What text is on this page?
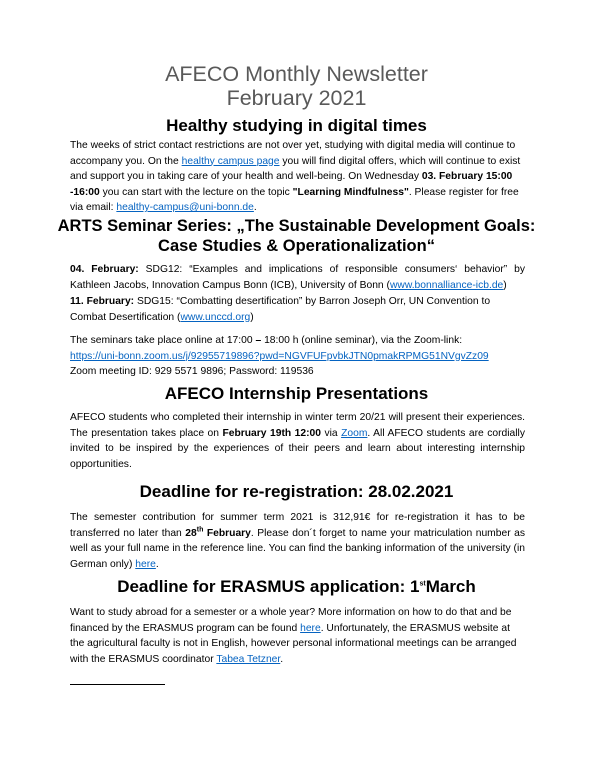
AFECO Monthly Newsletter
February 2021
Healthy studying in digital times
The weeks of strict contact restrictions are not over yet, studying with digital media will continue to accompany you. On the healthy campus page you will find digital offers, which will continue to exist and support you in taking care of your health and well-being. On Wednesday 03. February 15:00 -16:00 you can start with the lecture on the topic "Learning Mindfulness". Please register for free via email: healthy-campus@uni-bonn.de.
ARTS Seminar Series: „The Sustainable Development Goals:
Case Studies & Operationalization“
04. February: SDG12: “Examples and implications of responsible consumers‘ behavior” by Kathleen Jacobs, Innovation Campus Bonn (ICB), University of Bonn (www.bonnalliance-icb.de)
11. February: SDG15: “Combatting desertification” by Barron Joseph Orr, UN Convention to Combat Desertification (www.unccd.org)
The seminars take place online at 17:00 – 18:00 h (online seminar), via the Zoom-link:
https://uni-bonn.zoom.us/j/92955719896?pwd=NGVFUFpvbkJTN0pmakRPMG51NVgvZz09
Zoom meeting ID: 929 5571 9896; Password: 119536
AFECO Internship Presentations
AFECO students who completed their internship in winter term 20/21 will present their experiences. The presentation takes place on February 19th 12:00 via Zoom. All AFECO students are cordially invited to be inspired by the experiences of their peers and learn about interesting internship opportunities.
Deadline for re-registration: 28.02.2021
The semester contribution for summer term 2021 is 312,91€ for re-registration it has to be transferred no later than 28th February. Please don´t forget to name your matriculation number as well as your full name in the reference line. You can find the banking information of the university (in German only) here.
Deadline for ERASMUS application: 1stMarch
Want to study abroad for a semester or a whole year? More information on how to do that and be financed by the ERASMUS program can be found here. Unfortunately, the ERASMUS website at the agricultural faculty is not in English, however personal informational meetings can be arranged with the ERASMUS coordinator Tabea Tetzner.
